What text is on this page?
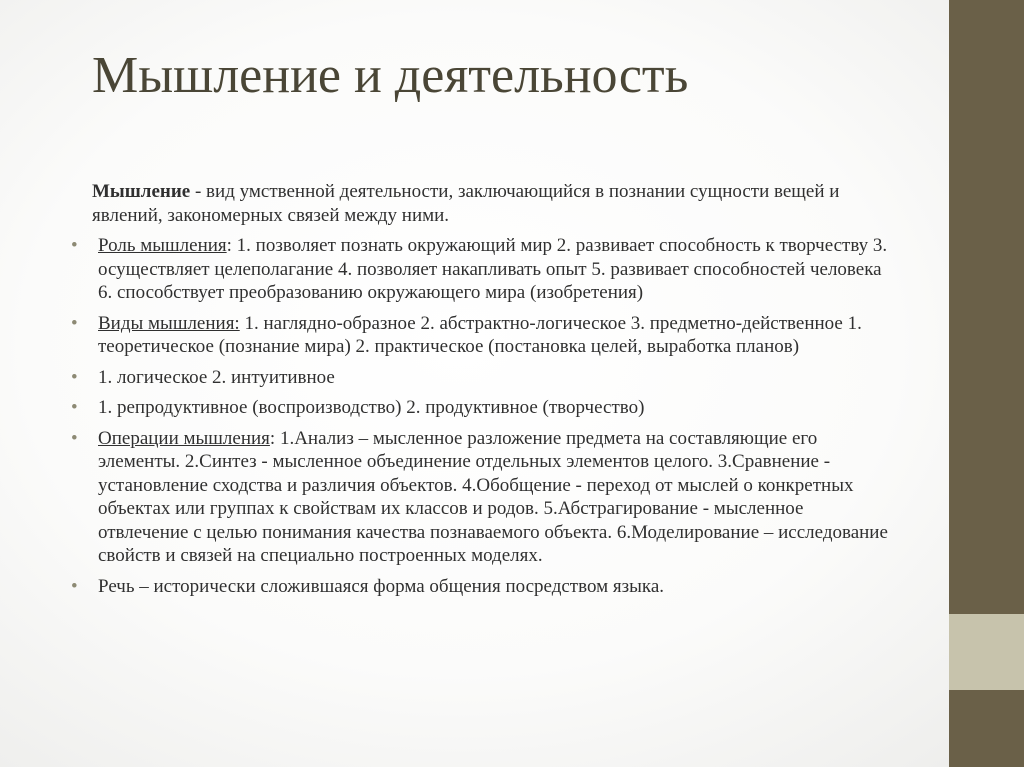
Мышление и деятельность

Мышление - вид умственной деятельности, заключающийся в познании сущности вещей и явлений, закономерных связей между ними.

• Роль мышления: 1. позволяет познать окружающий мир 2. развивает способность к творчеству 3. осуществляет целеполагание 4. позволяет накапливать опыт 5. развивает способностей человека 6. способствует преобразованию окружающего мира (изобретения)
• Виды мышления: 1. наглядно-образное 2. абстрактно-логическое 3. предметно-действенное 1. теоретическое (познание мира) 2. практическое (постановка целей, выработка планов)
• 1. логическое 2. интуитивное
• 1. репродуктивное (воспроизводство) 2. продуктивное (творчество)
• Операции мышления: 1.Анализ – мысленное разложение предмета на составляющие его элементы. 2.Синтез - мысленное объединение отдельных элементов целого. 3.Сравнение - установление сходства и различия объектов. 4.Обобщение - переход от мыслей о конкретных объектах или группах к свойствам их классов и родов. 5.Абстрагирование - мысленное отвлечение с целью понимания качества познаваемого объекта. 6.Моделирование – исследование свойств и связей на специально построенных моделях.
• Речь – исторически сложившаяся форма общения посредством языка.
